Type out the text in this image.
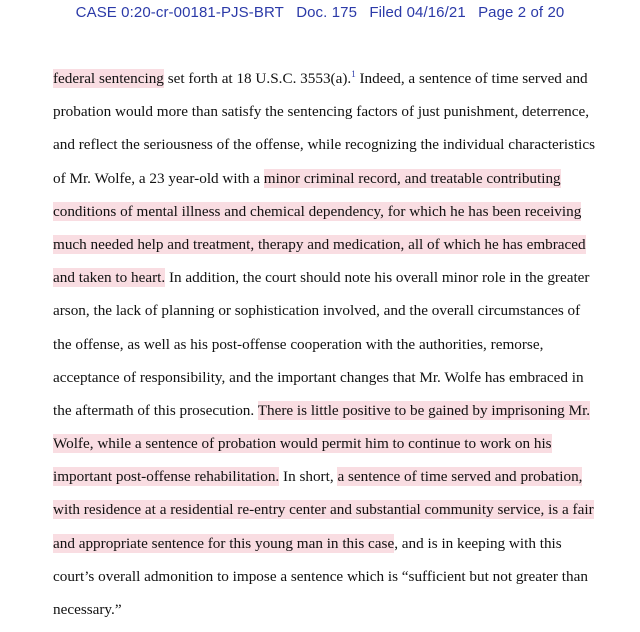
CASE 0:20-cr-00181-PJS-BRT Doc. 175 Filed 04/16/21 Page 2 of 20
federal sentencing set forth at 18 U.S.C. 3553(a).$^1$ Indeed, a sentence of time served and
probation would more than satisfy the sentencing factors of just punishment, deterrence,
and reflect the seriousness of the offense, while recognizing the individual characteristics
of Mr. Wolfe, a 23 year-old with a minor criminal record, and treatable contributing
conditions of mental illness and chemical dependency, for which he has been receiving
much needed help and treatment, therapy and medication, all of which he has embraced
and taken to heart. In addition, the court should note his overall minor role in the greater
arson, the lack of planning or sophistication involved, and the overall circumstances of
the offense, as well as his post-offense cooperation with the authorities, remorse,
acceptance of responsibility, and the important changes that Mr. Wolfe has embraced in
the aftermath of this prosecution. There is little positive to be gained by imprisoning Mr.
Wolfe, while a sentence of probation would permit him to continue to work on his
important post-offense rehabilitation. In short, a sentence of time served and probation,
with residence at a residential re-entry center and substantial community service, is a fair
and appropriate sentence for this young man in this case, and is in keeping with this
court’s overall admonition to impose a sentence which is “sufficient but not greater than
necessary.”
